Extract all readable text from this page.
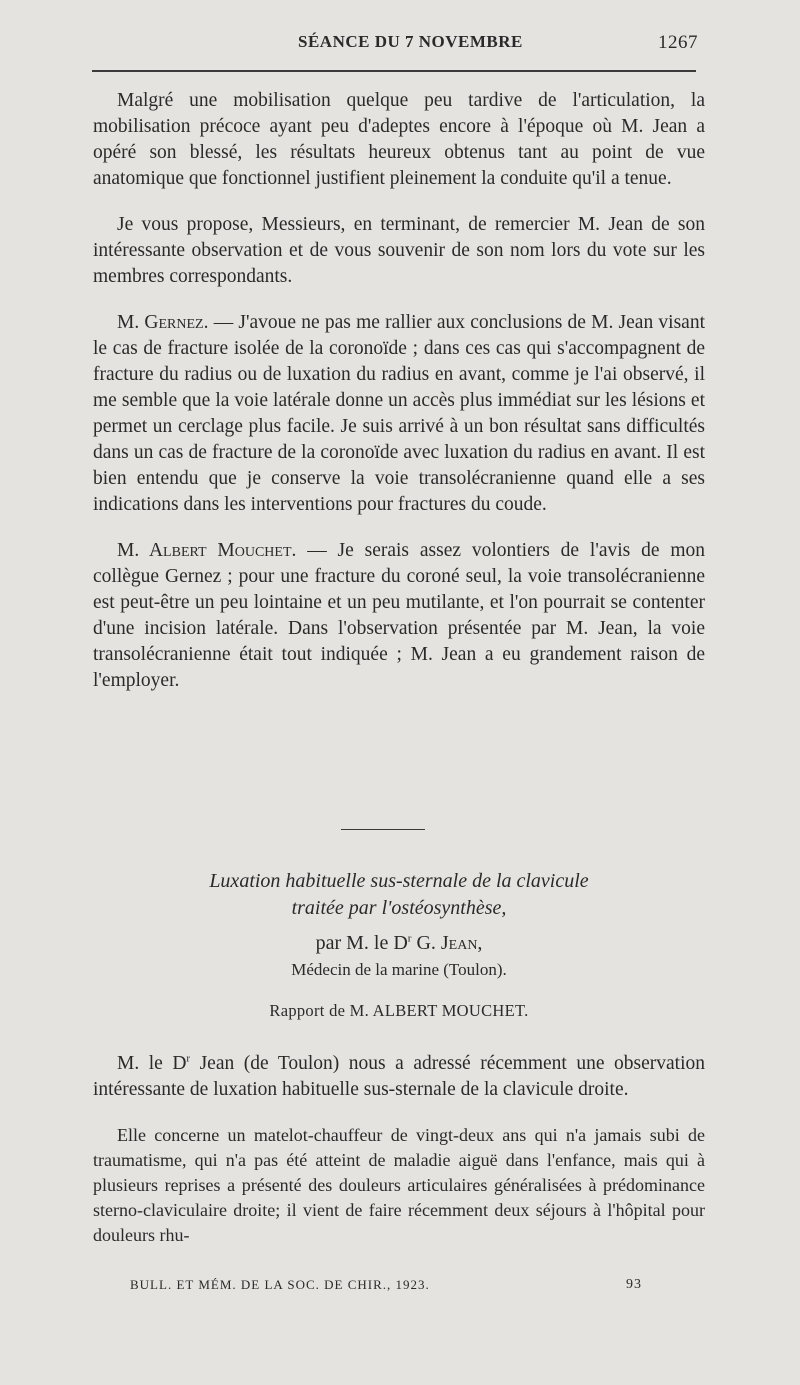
SÉANCE DU 7 NOVEMBRE	1267

Malgré une mobilisation quelque peu tardive de l'articulation, la mobilisation précoce ayant peu d'adeptes encore à l'époque où M. Jean a opéré son blessé, les résultats heureux obtenus tant au point de vue anatomique que fonctionnel justifient pleinement la conduite qu'il a tenue.

Je vous propose, Messieurs, en terminant, de remercier M. Jean de son intéressante observation et de vous souvenir de son nom lors du vote sur les membres correspondants.

M. Gernez. — J'avoue ne pas me rallier aux conclusions de M. Jean visant le cas de fracture isolée de la coronoïde ; dans ces cas qui s'accompagnent de fracture du radius ou de luxation du radius en avant, comme je l'ai observé, il me semble que la voie latérale donne un accès plus immédiat sur les lésions et permet un cerclage plus facile. Je suis arrivé à un bon résultat sans difficultés dans un cas de fracture de la coronoïde avec luxation du radius en avant. Il est bien entendu que je conserve la voie transolécranienne quand elle a ses indications dans les interventions pour fractures du coude.

M. Albert Mouchet. — Je serais assez volontiers de l'avis de mon collègue Gernez ; pour une fracture du coroné seul, la voie transolécranienne est peut-être un peu lointaine et un peu mutilante, et l'on pourrait se contenter d'une incision latérale. Dans l'observation présentée par M. Jean, la voie transolécranienne était tout indiquée ; M. Jean a eu grandement raison de l'employer.

Luxation habituelle sus-sternale de la clavicule
traitée par l'ostéosynthèse,
par M. le $D^r$ G. Jean,
Médecin de la marine (Toulon).
Rapport de M. ALBERT MOUCHET.

M. le $D^r$ Jean (de Toulon) nous a adressé récemment une observation intéressante de luxation habituelle sus-sternale de la clavicule droite.

Elle concerne un matelot-chauffeur de vingt-deux ans qui n'a jamais subi de traumatisme, qui n'a pas été atteint de maladie aiguë dans l'enfance, mais qui à plusieurs reprises a présenté des douleurs articulaires généralisées à prédominance sterno-claviculaire droite; il vient de faire récemment deux séjours à l'hôpital pour douleurs rhu-

BULL. ET MÉM. DE LA SOC. DE CHIR., 1923.	93
